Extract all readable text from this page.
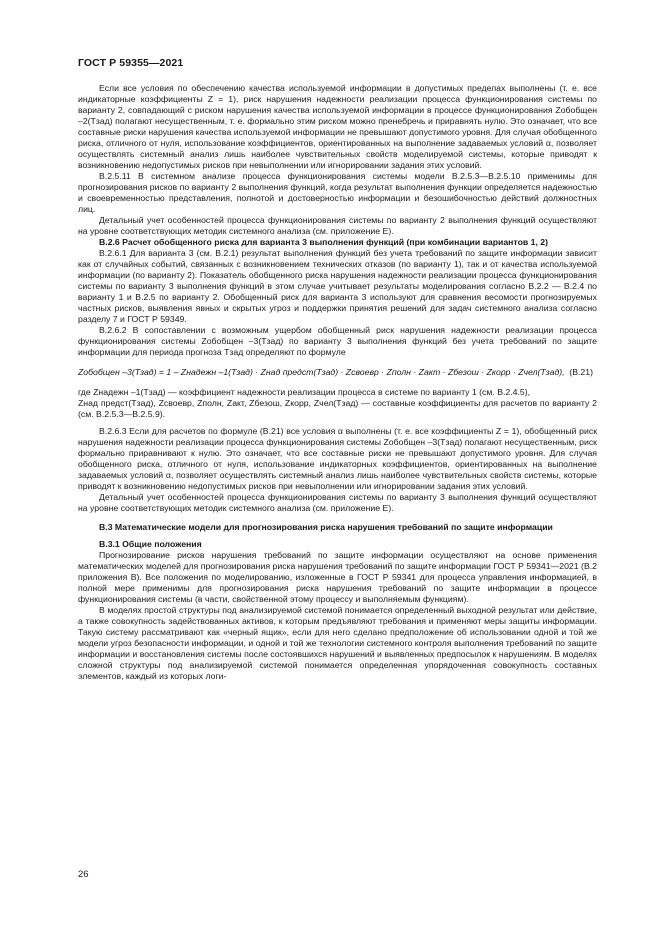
ГОСТ Р 59355—2021

Если все условия по обеспечению качества используемой информации в допустимых пределах выполнены (т. е. все индикаторные коэффициенты Z = 1), риск нарушения надежности реализации процесса функционирования системы по варианту 2, совпадающий с риском нарушения качества используемой информации в процессе функционирования Zобобщен –2(Tзад) полагают несущественным, т. е. формально этим риском можно пренебречь и приравнять нулю. Это означает, что все составные риски нарушения качества используемой информации не превышают допустимого уровня. Для случая обобщенного риска, отличного от нуля, использование коэффициентов, ориентированных на выполнение задаваемых условий α, позволяет осуществлять системный анализ лишь наиболее чувствительных свойств моделируемой системы, которые приводят к возникновению недопустимых рисков при невыполнении или игнорировании задания этих условий.

В.2.5.11 В системном анализе процесса функционирования системы модели В.2.5.3—В.2.5.10 применимы для прогнозирования рисков по варианту 2 выполнения функций, когда результат выполнения функции определяется надежностью и своевременностью представления, полнотой и достоверностью информации и безошибочностью действий должностных лиц.

Детальный учет особенностей процесса функционирования системы по варианту 2 выполнения функций осуществляют на уровне соответствующих методик системного анализа (см. приложение Е).

В.2.6 Расчет обобщенного риска для варианта 3 выполнения функций (при комбинации вариантов 1, 2)

В.2.6.1 Для варианта 3 (см. В.2.1) результат выполнения функций без учета требований по защите информации зависит как от случайных событий, связанных с возникновением технических отказов (по варианту 1), так и от качества используемой информации (по варианту 2). Показатель обобщенного риска нарушения надежности реализации процесса функционирования системы по варианту 3 выполнения функций в этом случае учитывает результаты моделирования согласно В.2.2 — В.2.4 по варианту 1 и В.2.5 по варианту 2. Обобщенный риск для варианта 3 используют для сравнения весомости прогнозируемых частных рисков, выявления явных и скрытых угроз и поддержки принятия решений для задач системного анализа согласно разделу 7 и ГОСТ Р 59349.

В.2.6.2 В сопоставлении с возможным ущербом обобщенный риск нарушения надежности реализации процесса функционирования системы Zобобщен –3(Tзад) по варианту 3 выполнения функций без учета требований по защите информации для периода прогноза Tзад определяют по формуле

Zобобщен –3(Tзад) = 1 – Zнадежн –1(Tзад) · Zнад предст(Tзад) · Zсвоевр · Zполн · Zакт · Zбезош · Zкорр · Zчел(Tзад), (В.21)

где Zнадежн –1(Tзад) — коэффициент надежности реализации процесса в системе по варианту 1 (см. В.2.4.5),

Zнад предст(Tзад), Zсвоевр, Zполн, Zакт, Zбезош, Zкорр, Zчел(Tзад) — составные коэффициенты для расчетов по варианту 2 (см. В.2.5.3—В.2.5.9).

В.2.6.3 Если для расчетов по формуле (В.21) все условия α выполнены (т. е. все коэффициенты Z = 1), обобщенный риск нарушения надежности реализации процесса функционирования системы Zобобщен –3(Tзад) полагают несущественным, риск формально приравнивают к нулю. Это означает, что все составные риски не превышают допустимого уровня. Для случая обобщенного риска, отличного от нуля, использование индикаторных коэффициентов, ориентированных на выполнение задаваемых условий α, позволяет осуществлять системный анализ лишь наиболее чувствительных свойств системы, которые приводят к возникновению недопустимых рисков при невыполнении или игнорировании задания этих условий.

Детальный учет особенностей процесса функционирования системы по варианту 3 выполнения функций осуществляют на уровне соответствующих методик системного анализа (см. приложение Е).

В.3 Математические модели для прогнозирования риска нарушения требований по защите информации
В.3.1 Общие положения

Прогнозирование рисков нарушения требований по защите информации осуществляют на основе применения математических моделей для прогнозирования риска нарушения требований по защите информации ГОСТ Р 59341—2021 (В.2 приложения В). Все положения по моделированию, изложенные в ГОСТ Р 59341 для процесса управления информацией, в полной мере применимы для прогнозирования риска нарушения требований по защите информации в процессе функционирования системы (в части, свойственной этому процессу и выполняемым функциям).

В моделях простой структуры под анализируемой системой понимается определенный выходной результат или действие, а также совокупность задействованных активов, к которым предъявляют требования и применяют меры защиты информации. Такую систему рассматривают как «черный ящик», если для него сделано предположение об использовании одной и той же модели угроз безопасности информации, и одной и той же технологии системного контроля выполнения требований по защите информации и восстановления системы после состоявшихся нарушений и выявленных предпосылок к нарушениям. В моделях сложной структуры под анализируемой системой понимается определенная упорядоченная совокупность составных элементов, каждый из которых логи-

26
